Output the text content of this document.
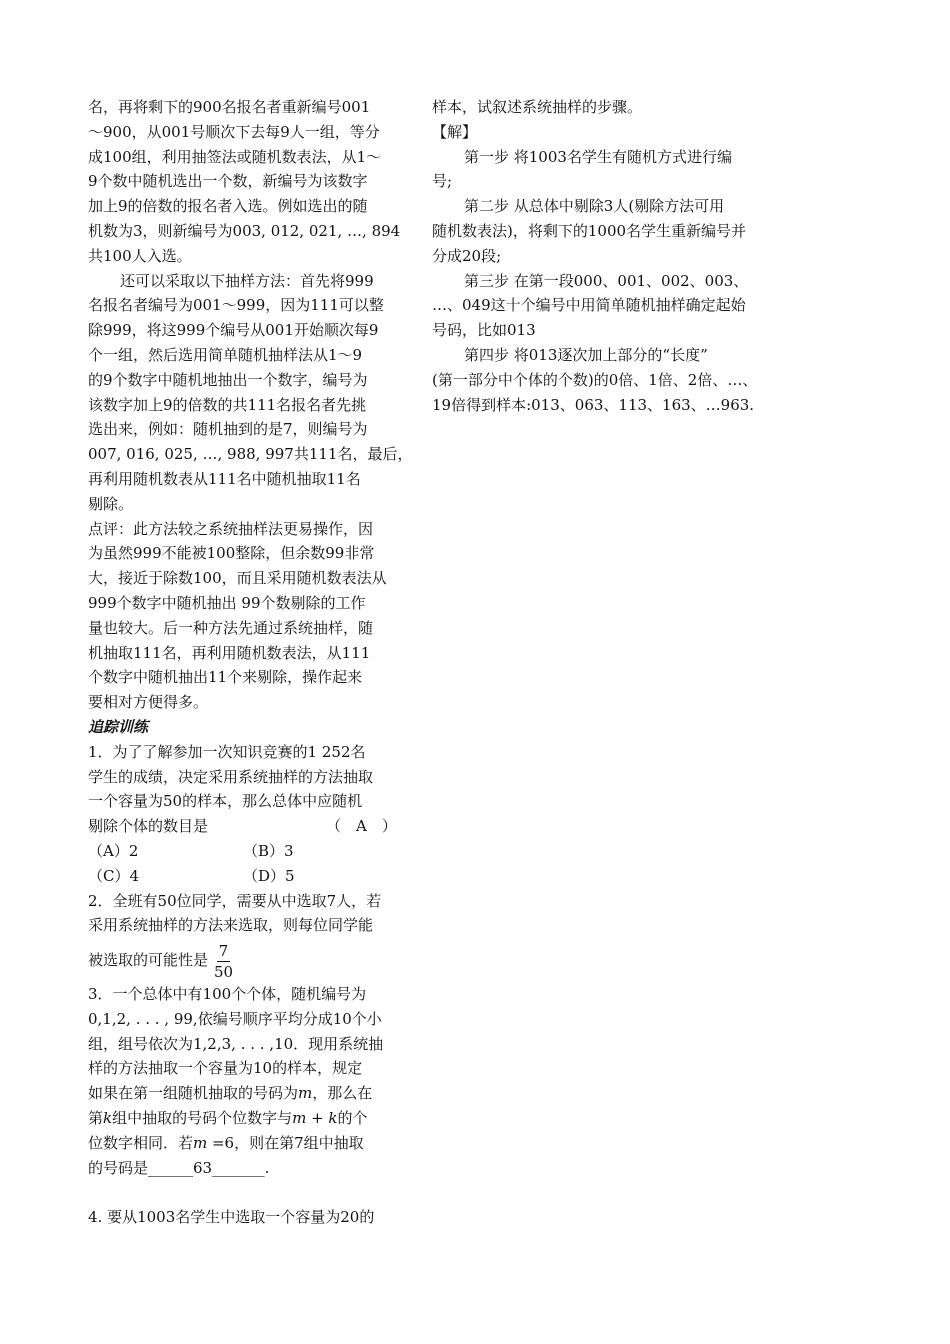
名，再将剩下的900名报名者重新编号001
～900，从001号顺次下去每9人一组，等分
成100组，利用抽签法或随机数表法，从1～
9个数中随机选出一个数，新编号为该数字
加上9的倍数的报名者入选。例如选出的随
机数为3，则新编号为003, 012, 021, …, 894
共100人入选。
还可以采取以下抽样方法：首先将999
名报名者编号为001～999，因为111可以整
除999，将这999个编号从001开始顺次每9
个一组，然后选用简单随机抽样法从1～9
的9个数字中随机地抽出一个数字，编号为
该数字加上9的倍数的共111名报名者先挑
选出来，例如：随机抽到的是7，则编号为
007, 016, 025, …, 988, 997共111名，最后，
再利用随机数表从111名中随机抽取11名
剔除。
点评：此方法较之系统抽样法更易操作，因
为虽然999不能被100整除，但余数99非常
大，接近于除数100，而且采用随机数表法从
999个数字中随机抽出 99个数剔除的工作
量也较大。后一种方法先通过系统抽样，随
机抽取111名，再利用随机数表法，从111
个数字中随机抽出11个来剔除，操作起来
要相对方便得多。
追踪训练
1．为了了解参加一次知识竞赛的1 252名
学生的成绩，决定采用系统抽样的方法抽取
一个容量为50的样本，那么总体中应随机
剔除个体的数目是	（　A　）
（A）2	（B）3
（C）4	（D）5
2．全班有50位同学，需要从中选取7人，若
采用系统抽样的方法来选取，则每位同学能
被选取的可能性是 $\frac{7}{50}$
3．一个总体中有100个个体，随机编号为
0,1,2, . . . , 99,依编号顺序平均分成10个小
组，组号依次为1,2,3, . . . ,10．现用系统抽
样的方法抽取一个容量为10的样本，规定
如果在第一组随机抽取的号码为𝑚，那么在
第𝑘组中抽取的号码个位数字与𝑚 + 𝑘的个
位数字相同．若𝑚 =6，则在第7组中抽取
的号码是______63_______.
4. 要从1003名学生中选取一个容量为20的
样本，试叙述系统抽样的步骤。
【解】
第一步 将1003名学生有随机方式进行编
号;
第二步 从总体中剔除3人(剔除方法可用
随机数表法)，将剩下的1000名学生重新编号并
分成20段;
第三步 在第一段000、001、002、003、
…、049这十个编号中用简单随机抽样确定起始
号码，比如013
第四步 将013逐次加上部分的“长度”
(第一部分中个体的个数)的0倍、1倍、2倍、…、
19倍得到样本:013、063、113、163、…963.
